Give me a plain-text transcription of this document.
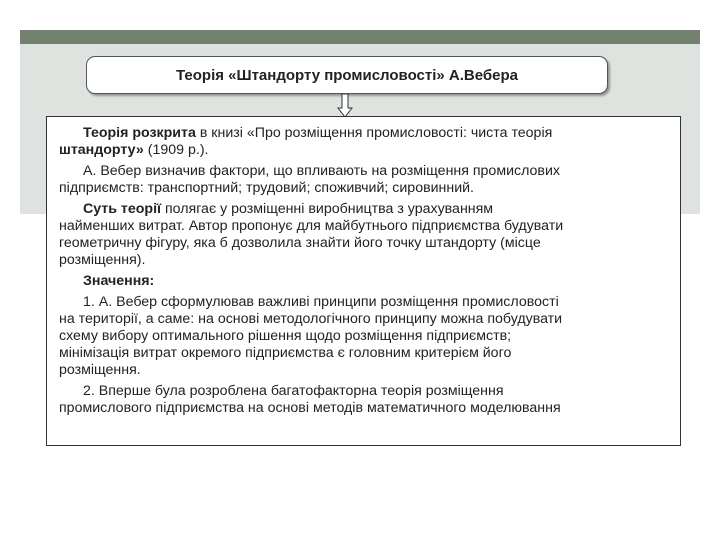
Теорія «Штандорту промисловості» А.Вебера
Теорія розкрита в книзі «Про розміщення промисловості: чиста теорія
штандорту» (1909 р.).
А. Вебер визначив фактори, що впливають на розміщення промислових
підприємств: транспортний; трудовий; споживчий; сировинний.
Суть теорії полягає у розміщенні виробництва з урахуванням
найменших витрат. Автор пропонує для майбутнього підприємства будувати
геометричну фігуру, яка б дозволила знайти його точку штандорту (місце
розміщення).
Значення:
1. А. Вебер сформулював важливі принципи розміщення промисловості
на території, а саме: на основі методологічного принципу можна побудувати
схему вибору оптимального рішення щодо розміщення підприємств;
мінімізація витрат окремого підприємства є головним критерієм його
розміщення.
2. Вперше була розроблена багатофакторна теорія розміщення
промислового підприємства на основі методів математичного моделювання
